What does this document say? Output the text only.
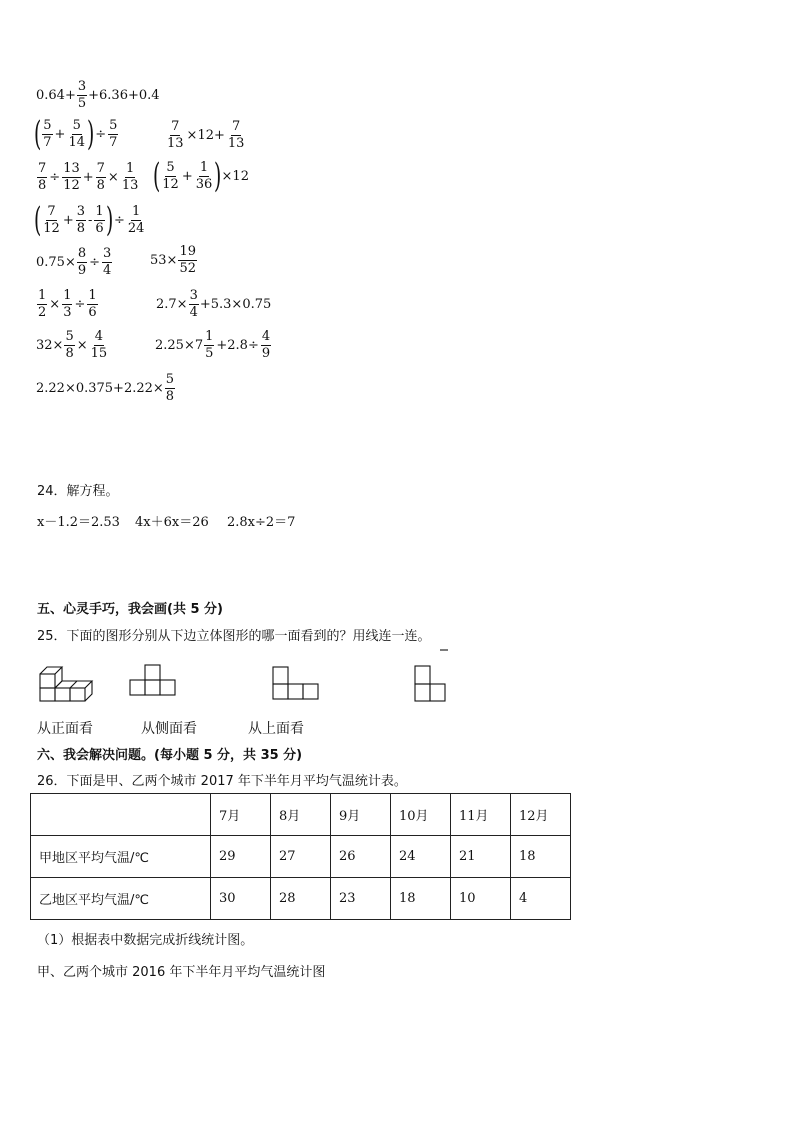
$0.64+ \frac{3}{5} +6.36+0.4$
( $\frac{5}{7} + \frac{5}{14}$ ) ÷ $\frac{5}{7}$	$\frac{7}{13} \times 12+ \frac{7}{13}$
$\frac{7}{8} \div \frac{13}{12} + \frac{7}{8} \times \frac{1}{13}$ ( $\frac{5}{12} + \frac{1}{36}$ ) ×12
( $\frac{7}{12} + \frac{3}{8} - \frac{1}{6}$ ) ÷ $\frac{1}{24}$
$0.75\times \frac{8}{9} \div \frac{3}{4}$	$53\times \frac{19}{52}$
$\frac{1}{2} \times \frac{1}{3} \div \frac{1}{6}$	$2.7\times \frac{3}{4} +5.3\times 0.75$
$32\times \frac{5}{8} \times \frac{4}{15}$	$2.25\times 7 \frac{1}{5} +2.8\div \frac{4}{9}$
$2.22\times 0.375+2.22\times \frac{5}{8}$
24．解方程。
x－1.2＝2.53 4x＋6x＝26 2.8x÷2＝7
五、心灵手巧，我会画(共 5 分)
25．下面的图形分别从下边立体图形的哪一面看到的？用线连一连。
从正面看	从侧面看	从上面看
六、我会解决问题。(每小题 5 分，共 35 分)
26．下面是甲、乙两个城市 2017 年下半年月平均气温统计表。
	7月	8月	9月	10月	11月	12月
甲地区平均气温/℃	29	27	26	24	21	18
乙地区平均气温/℃	30	28	23	18	10	4
（1）根据表中数据完成折线统计图。
甲、乙两个城市 2016 年下半年月平均气温统计图
